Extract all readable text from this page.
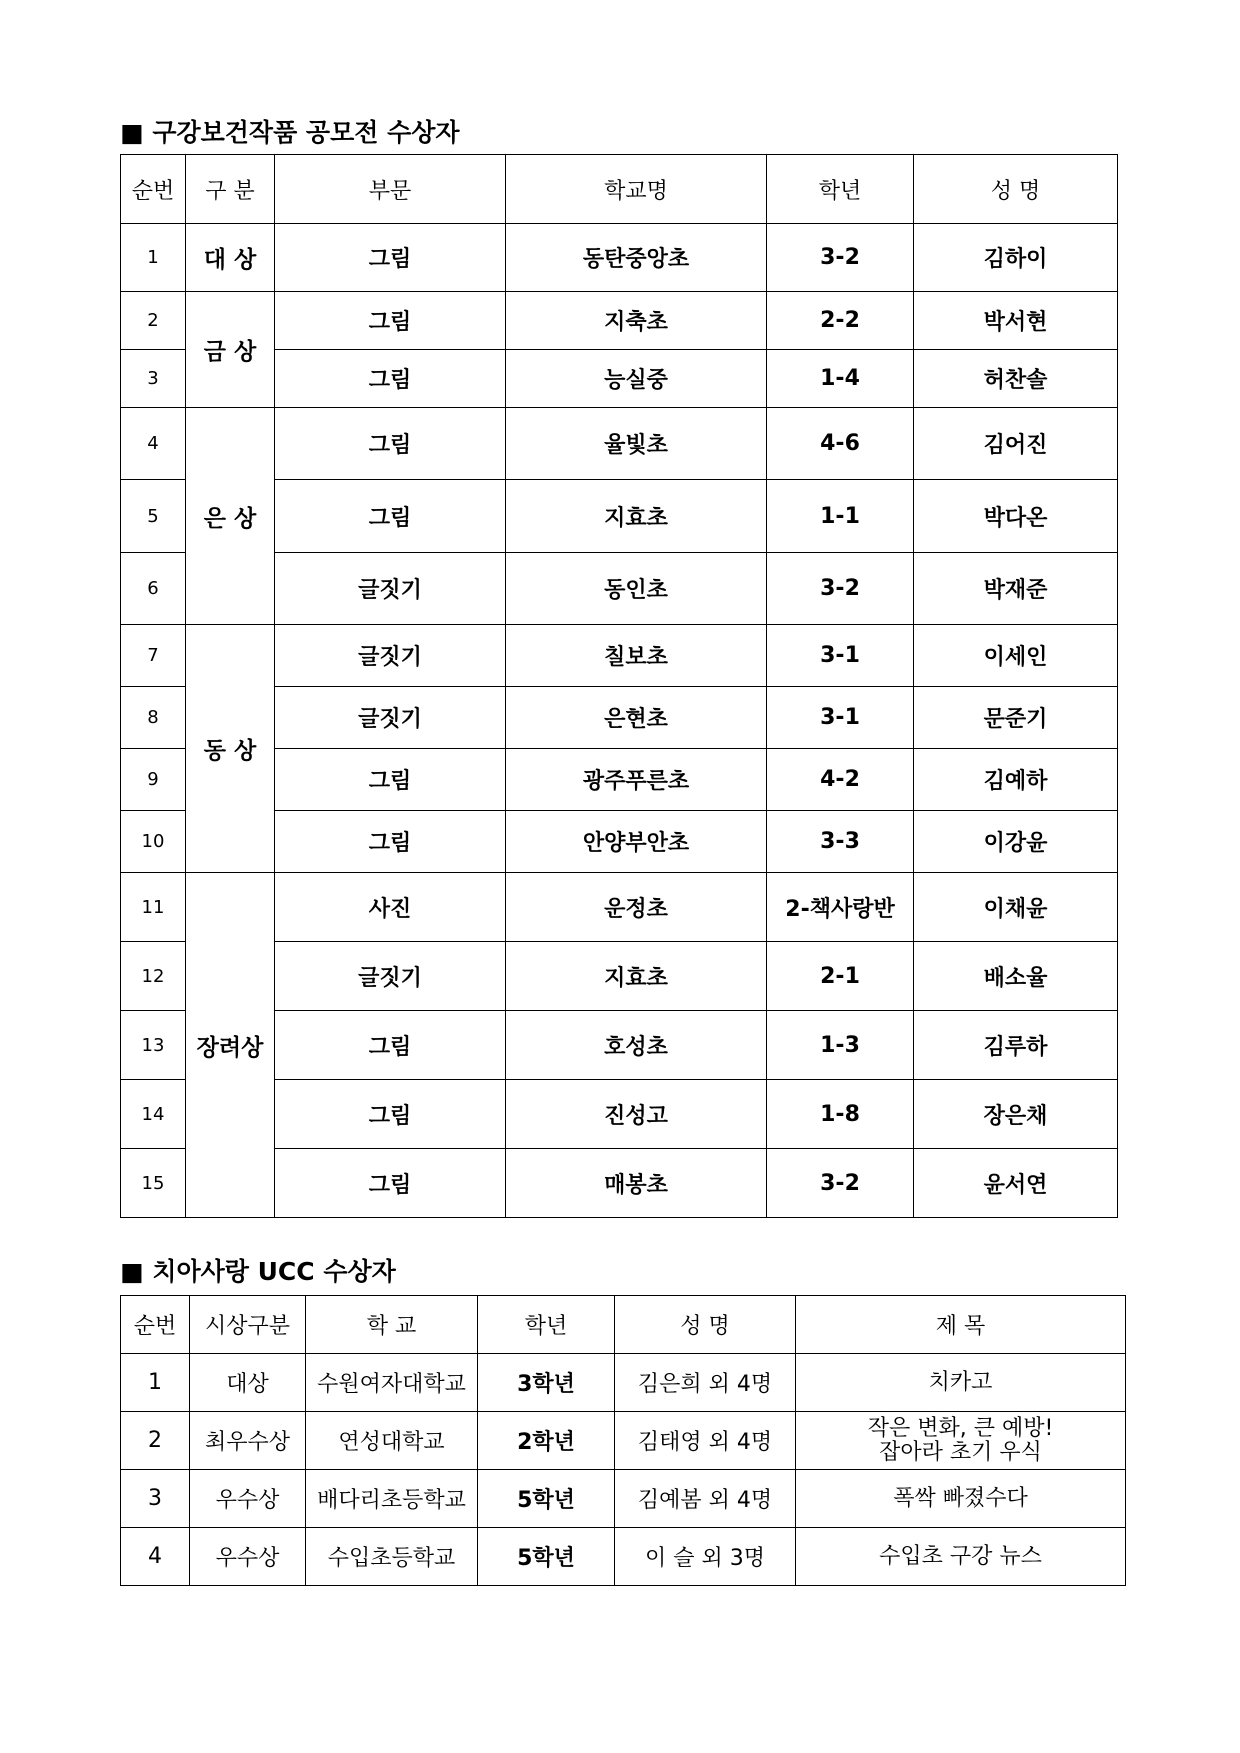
■ 구강보건작품 공모전 수상자
순번	구 분	부문	학교명	학년	성 명
1	대 상	그림	동탄중앙초	3-2	김하이
2	금 상	그림	지축초	2-2	박서현
3		그림	능실중	1-4	허찬솔
4	은 상	그림	율빛초	4-6	김어진
5		그림	지효초	1-1	박다온
6		글짓기	동인초	3-2	박재준
7	동 상	글짓기	칠보초	3-1	이세인
8		글짓기	은현초	3-1	문준기
9		그림	광주푸른초	4-2	김예하
10		그림	안양부안초	3-3	이강윤
11	장려상	사진	운정초	2-책사랑반	이채윤
12		글짓기	지효초	2-1	배소율
13		그림	호성초	1-3	김루하
14		그림	진성고	1-8	장은채
15		그림	매봉초	3-2	윤서연
■ 치아사랑 UCC 수상자
순번	시상구분	학 교	학년	성 명	제 목
1	대상	수원여자대학교	3학년	김은희 외 4명	치카고

2	최우수상	연성대학교	2학년	김태영 외 4명	작은 변화, 큰 예방!
잡아라 초기 우식

3	우수상	배다리초등학교	5학년	김예봄 외 4명	폭싹 빠졌수다

4	우수상	수입초등학교	5학년	이 슬 외 3명	수입초 구강 뉴스
